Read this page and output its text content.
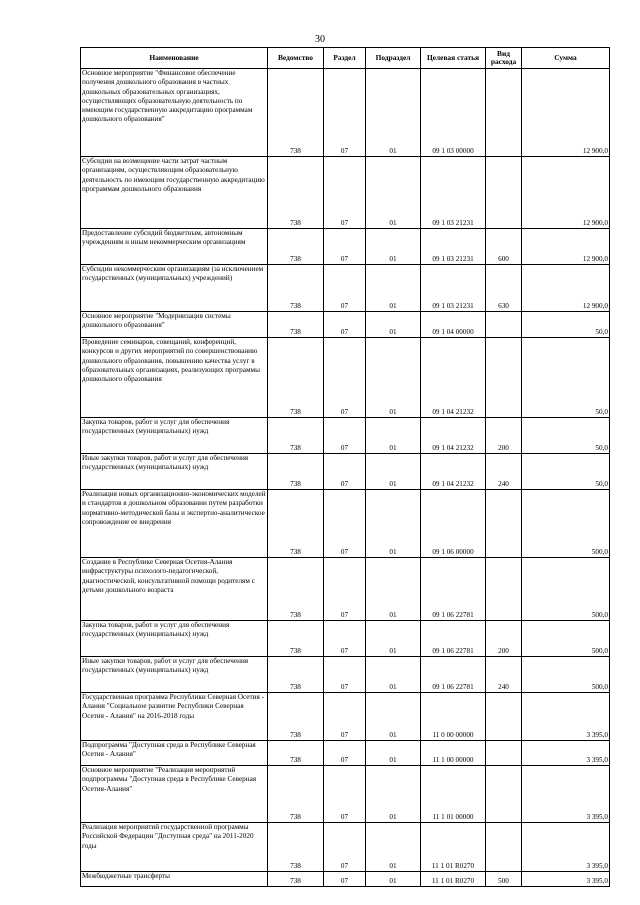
30
Наименование	Ведомство	Раздел	Подраздел	Целевая статья	Вид расхода	Сумма
Основное мероприятие "Финансовое обеспечение получения дошкольного образования в частных дошкольных образовательных организациях, осуществляющих образовательную деятельность по имеющим государственную аккредитацию программам дошкольного образования"	738	07	01	09 1 03 00000		12 900,0
Субсидии на возмещение части затрат частным организациям, осуществляющим образовательную деятельность по имеющим государственную аккредитацию программам дошкольного образования	738	07	01	09 1 03 21231		12 900,0
Предоставление субсидий бюджетным, автономным учреждениям и иным некоммерческим организациям	738	07	01	09 1 03 21231	600	12 900,0
Субсидии некоммерческим организациям (за исключением государственных (муниципальных) учреждений)	738	07	01	09 1 03 21231	630	12 900,0
Основное мероприятие "Модернизация системы дошкольного образования"	738	07	01	09 1 04 00000		50,0
Проведение семинаров, совещаний, конференций, конкурсов и других мероприятий по совершенствованию дошкольного образования, повышению качества услуг в образовательных организациях, реализующих программы дошкольного образования	738	07	01	09 1 04 21232		50,0
Закупка товаров, работ и услуг для обеспечения государственных (муниципальных) нужд	738	07	01	09 1 04 21232	200	50,0
Иные закупки товаров, работ и услуг для обеспечения государственных (муниципальных) нужд	738	07	01	09 1 04 21232	240	50,0
Реализация новых организационно-экономических моделей и стандартов в дошкольном образовании путем разработки нормативно-методической базы и экспертно-аналитическое сопровождение ее внедрения	738	07	01	09 1 06 00000		500,0
Создание в Республике Северная Осетия-Алания инфраструктуры психолого-педагогической, диагностической, консультативной помощи родителям с детьми дошкольного возраста	738	07	01	09 1 06 22781		500,0
Закупка товаров, работ и услуг для обеспечения государственных (муниципальных) нужд	738	07	01	09 1 06 22781	200	500,0
Иные закупки товаров, работ и услуг для обеспечения государственных (муниципальных) нужд	738	07	01	09 1 06 22781	240	500,0
Государственная программа Республики Северная Осетия - Алания "Социальное развитие Республики Северная Осетия - Алания" на 2016-2018 годы	738	07	01	11 0 00 00000		3 395,0
Подпрограмма "Доступная среда в Республике Северная Осетия - Алания"	738	07	01	11 1 00 00000		3 395,0
Основное мероприятие "Реализация мероприятий подпрограммы "Доступная среда в Республике Северная Осетия-Алания"	738	07	01	11 1 01 00000		3 395,0
Реализация мероприятий государственной программы Российской Федерации "Доступная среда" на 2011-2020 годы	738	07	01	11 1 01 R0270		3 395,0
Межбюджетные трансферты	738	07	01	11 1 01 R0270	500	3 395,0
